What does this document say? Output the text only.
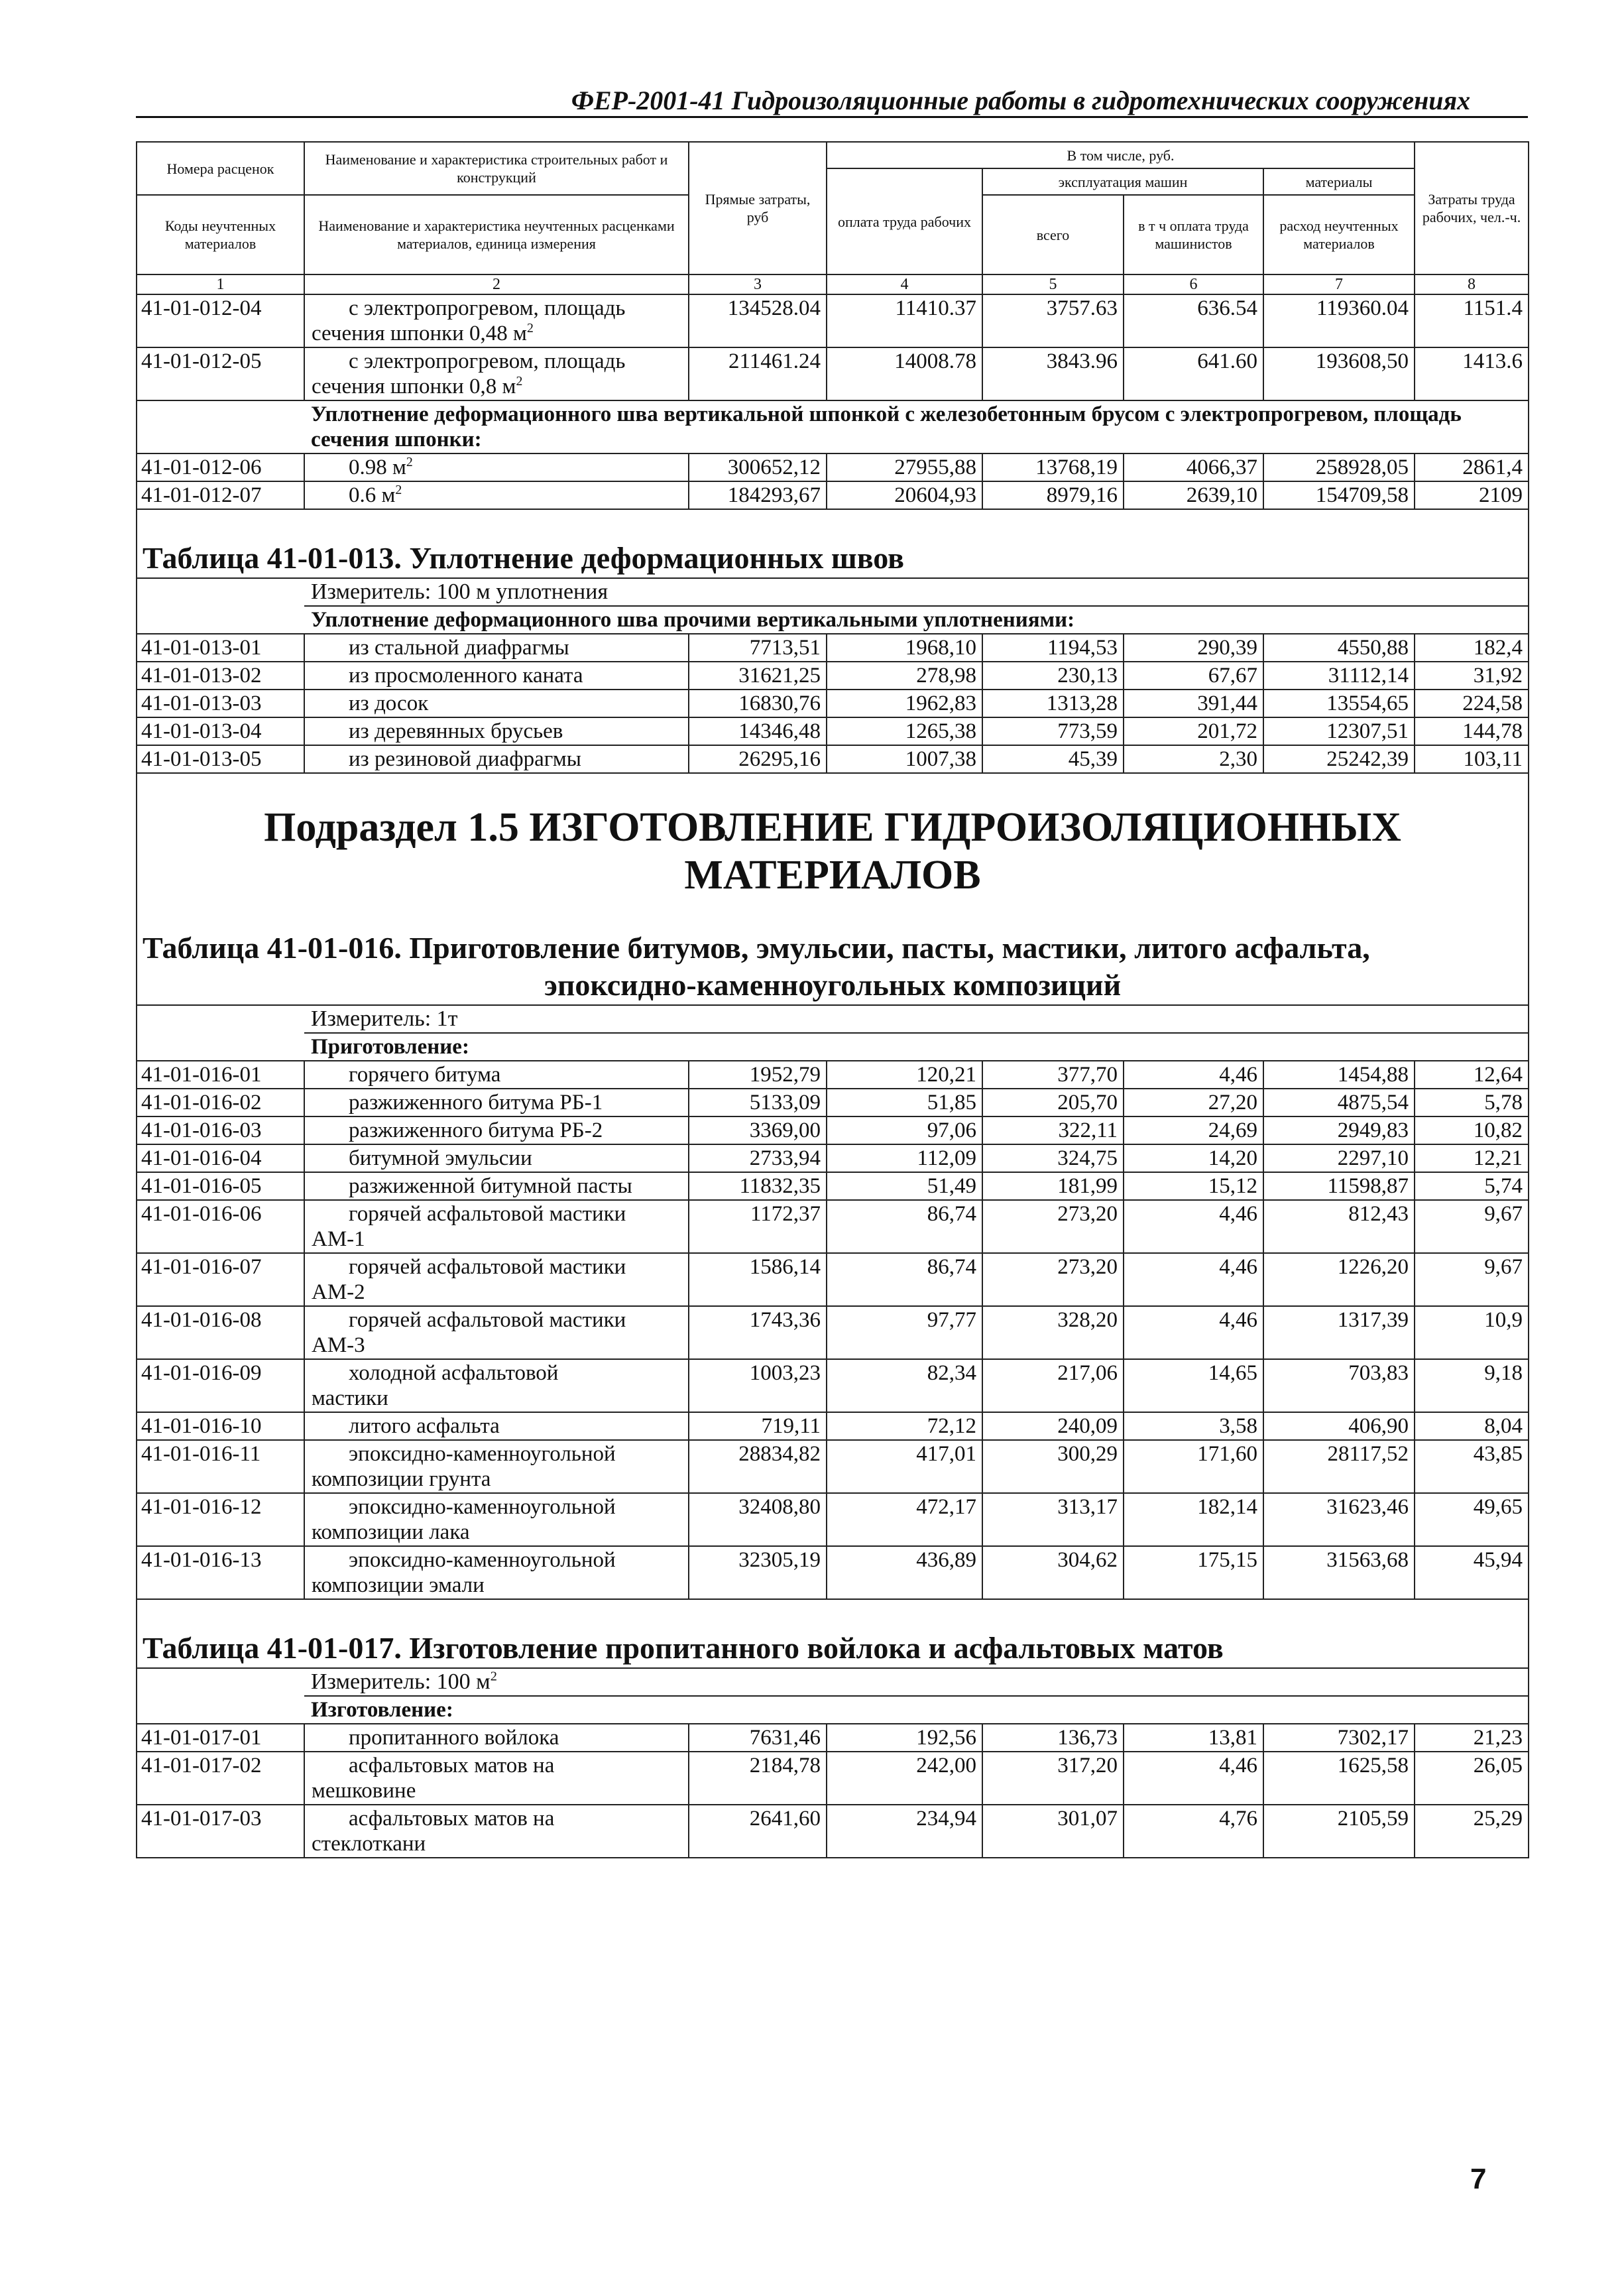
ФЕР-2001-41 Гидроизоляционные работы в гидротехнических сооружениях
Номера расценок	Наименование и характеристика строительных работ и конструкций	Прямые затраты, руб	В том числе, руб.				Затраты труда рабочих, чел.-ч.
			оплата труда рабочих	эксплуатация машин		материалы	
Коды неучтенных материалов	Наименование и характеристика неучтенных расценками материалов, единица измерения			всего	в т ч оплата труда машинистов	расход неучтенных материалов	

1	2	3	4	5	6	7	8
41-01-012-04	с электропрогревом, площадь
сечения шпонки 0,48 $м^2$	134528.04	11410.37	3757.63	636.54	119360.04	1151.4
41-01-012-05	с электропрогревом, площадь
сечения шпонки 0,8 $м^2$	211461.24	14008.78	3843.96	641.60	193608,50	1413.6
	Уплотнение деформационного шва вертикальной шпонкой с железобетонным брусом с электропрогревом, площадь сечения шпонки:						
41-01-012-06	0.98 $м^2$	300652,12	27955,88	13768,19	4066,37	258928,05	2861,4
41-01-012-07	0.6 $м^2$	184293,67	20604,93	8979,16	2639,10	154709,58	2109

Таблица 41-01-013. Уплотнение деформационных швов							
	Измеритель: 100 м уплотнения						
	Уплотнение деформационного шва прочими вертикальными уплотнениями:						
41-01-013-01	из стальной диафрагмы	7713,51	1968,10	1194,53	290,39	4550,88	182,4
41-01-013-02	из просмоленного каната	31621,25	278,98	230,13	67,67	31112,14	31,92
41-01-013-03	из досок	16830,76	1962,83	1313,28	391,44	13554,65	224,58
41-01-013-04	из деревянных брусьев	14346,48	1265,38	773,59	201,72	12307,51	144,78
41-01-013-05	из резиновой диафрагмы	26295,16	1007,38	45,39	2,30	25242,39	103,11

Подраздел 1.5 ИЗГОТОВЛЕНИЕ ГИДРОИЗОЛЯЦИОННЫХ МАТЕРИАЛОВ							

Таблица 41-01-016. Приготовление битумов, эмульсии, пасты, мастики, литого асфальта,
эпоксидно-каменноугольных композиций							

	Измеритель: 1т						
	Приготовление:						
41-01-016-01	горячего битума	1952,79	120,21	377,70	4,46	1454,88	12,64
41-01-016-02	разжиженного битума РБ-1	5133,09	51,85	205,70	27,20	4875,54	5,78
41-01-016-03	разжиженного битума РБ-2	3369,00	97,06	322,11	24,69	2949,83	10,82
41-01-016-04	битумной эмульсии	2733,94	112,09	324,75	14,20	2297,10	12,21
41-01-016-05	разжиженной битумной пасты	11832,35	51,49	181,99	15,12	11598,87	5,74
41-01-016-06	горячей асфальтовой мастики
АМ-1	1172,37	86,74	273,20	4,46	812,43	9,67
41-01-016-07	горячей асфальтовой мастики
АМ-2	1586,14	86,74	273,20	4,46	1226,20	9,67
41-01-016-08	горячей асфальтовой мастики
АМ-3	1743,36	97,77	328,20	4,46	1317,39	10,9
41-01-016-09	холодной асфальтовой
мастики	1003,23	82,34	217,06	14,65	703,83	9,18
41-01-016-10	литого асфальта	719,11	72,12	240,09	3,58	406,90	8,04
41-01-016-11	эпоксидно-каменноугольной
композиции грунта	28834,82	417,01	300,29	171,60	28117,52	43,85
41-01-016-12	эпоксидно-каменноугольной
композиции лака	32408,80	472,17	313,17	182,14	31623,46	49,65
41-01-016-13	эпоксидно-каменноугольной
композиции эмали	32305,19	436,89	304,62	175,15	31563,68	45,94

Таблица 41-01-017. Изготовление пропитанного войлока и асфальтовых матов							
	Измеритель: 100 $м^2$
	Изготовление:						
41-01-017-01	пропитанного войлока	7631,46	192,56	136,73	13,81	7302,17	21,23
41-01-017-02	асфальтовых матов на
мешковине	2184,78	242,00	317,20	4,46	1625,58	26,05
41-01-017-03	асфальтовых матов на
стеклоткани	2641,60	234,94	301,07	4,76	2105,59	25,29
7
